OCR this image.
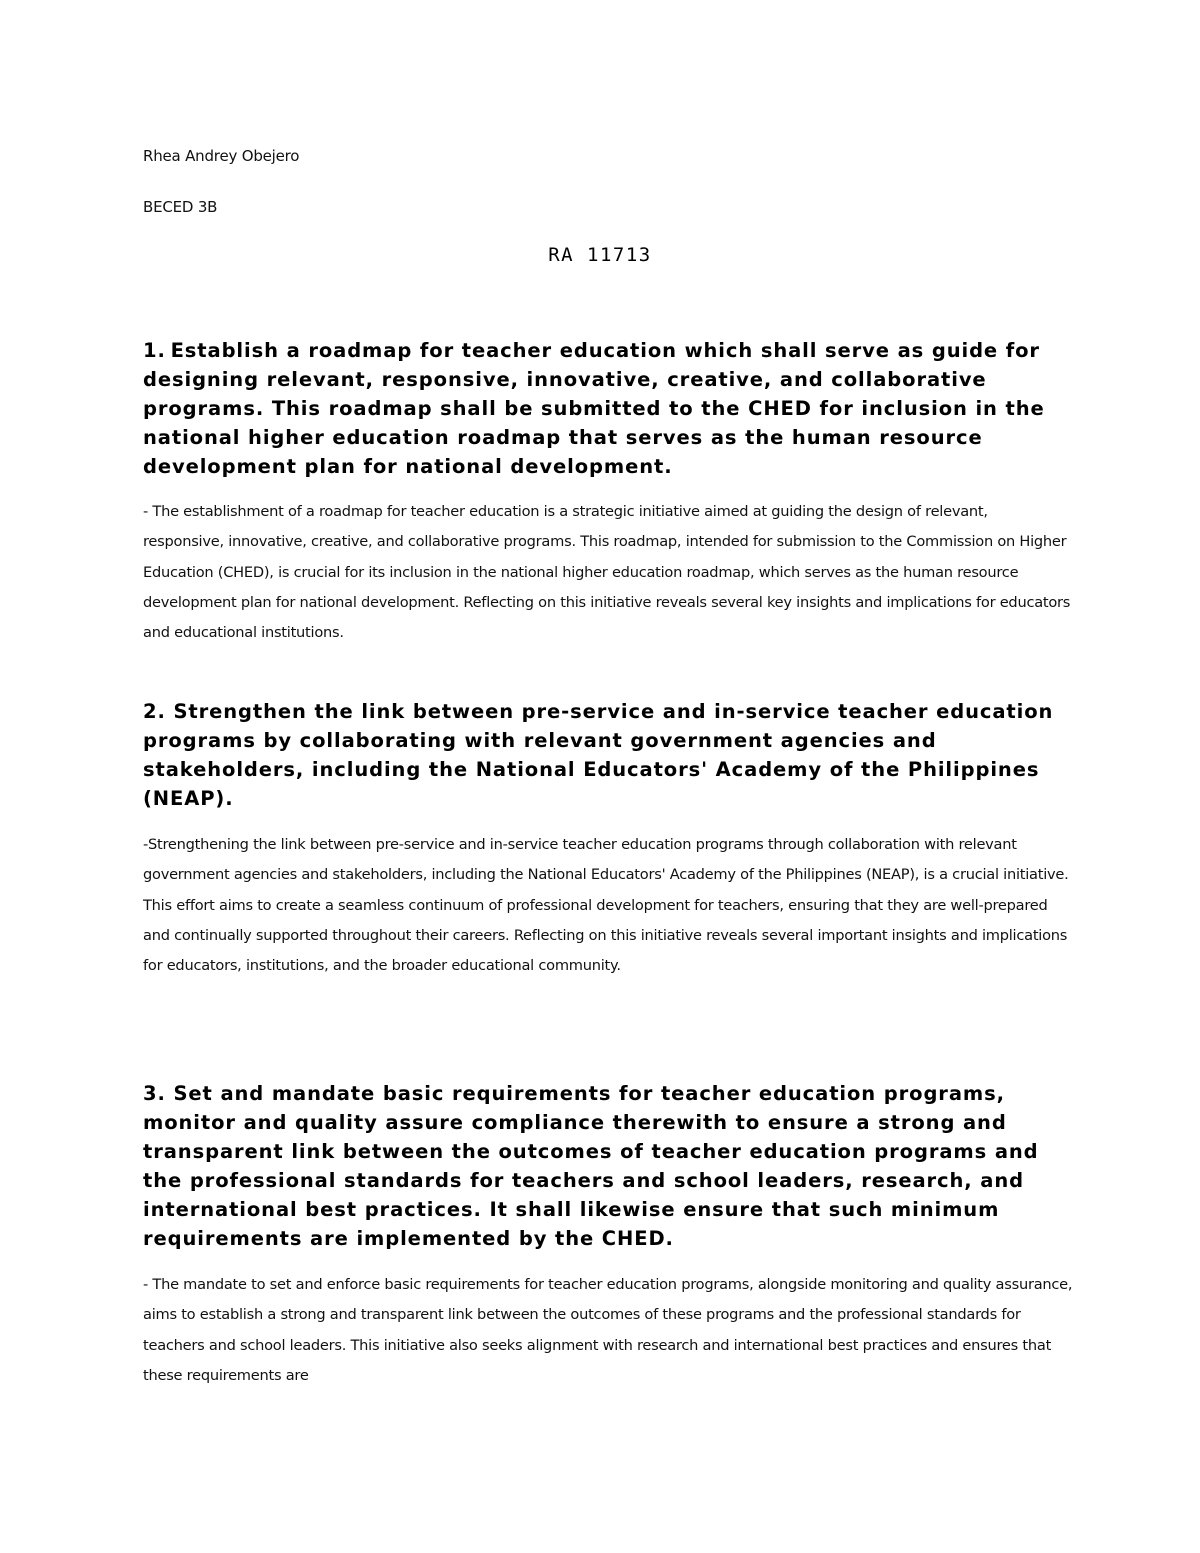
Rhea Andrey Obejero
BECED 3B
RA 11713

1. Establish a roadmap for teacher education which shall serve as guide for designing relevant, responsive, innovative, creative, and collaborative programs. This roadmap shall be submitted to the CHED for inclusion in the national higher education roadmap that serves as the human resource development plan for national development.

- The establishment of a roadmap for teacher education is a strategic initiative aimed at guiding the design of relevant, responsive, innovative, creative, and collaborative programs. This roadmap, intended for submission to the Commission on Higher Education (CHED), is crucial for its inclusion in the national higher education roadmap, which serves as the human resource development plan for national development. Reflecting on this initiative reveals several key insights and implications for educators and educational institutions.

2. Strengthen the link between pre-service and in-service teacher education programs by collaborating with relevant government agencies and stakeholders, including the National Educators' Academy of the Philippines (NEAP).

-Strengthening the link between pre-service and in-service teacher education programs through collaboration with relevant government agencies and stakeholders, including the National Educators' Academy of the Philippines (NEAP), is a crucial initiative. This effort aims to create a seamless continuum of professional development for teachers, ensuring that they are well-prepared and continually supported throughout their careers. Reflecting on this initiative reveals several important insights and implications for educators, institutions, and the broader educational community.

3. Set and mandate basic requirements for teacher education programs, monitor and quality assure compliance therewith to ensure a strong and transparent link between the outcomes of teacher education programs and the professional standards for teachers and school leaders, research, and international best practices. It shall likewise ensure that such minimum requirements are implemented by the CHED.

- The mandate to set and enforce basic requirements for teacher education programs, alongside monitoring and quality assurance, aims to establish a strong and transparent link between the outcomes of these programs and the professional standards for teachers and school leaders. This initiative also seeks alignment with research and international best practices and ensures that these requirements are
